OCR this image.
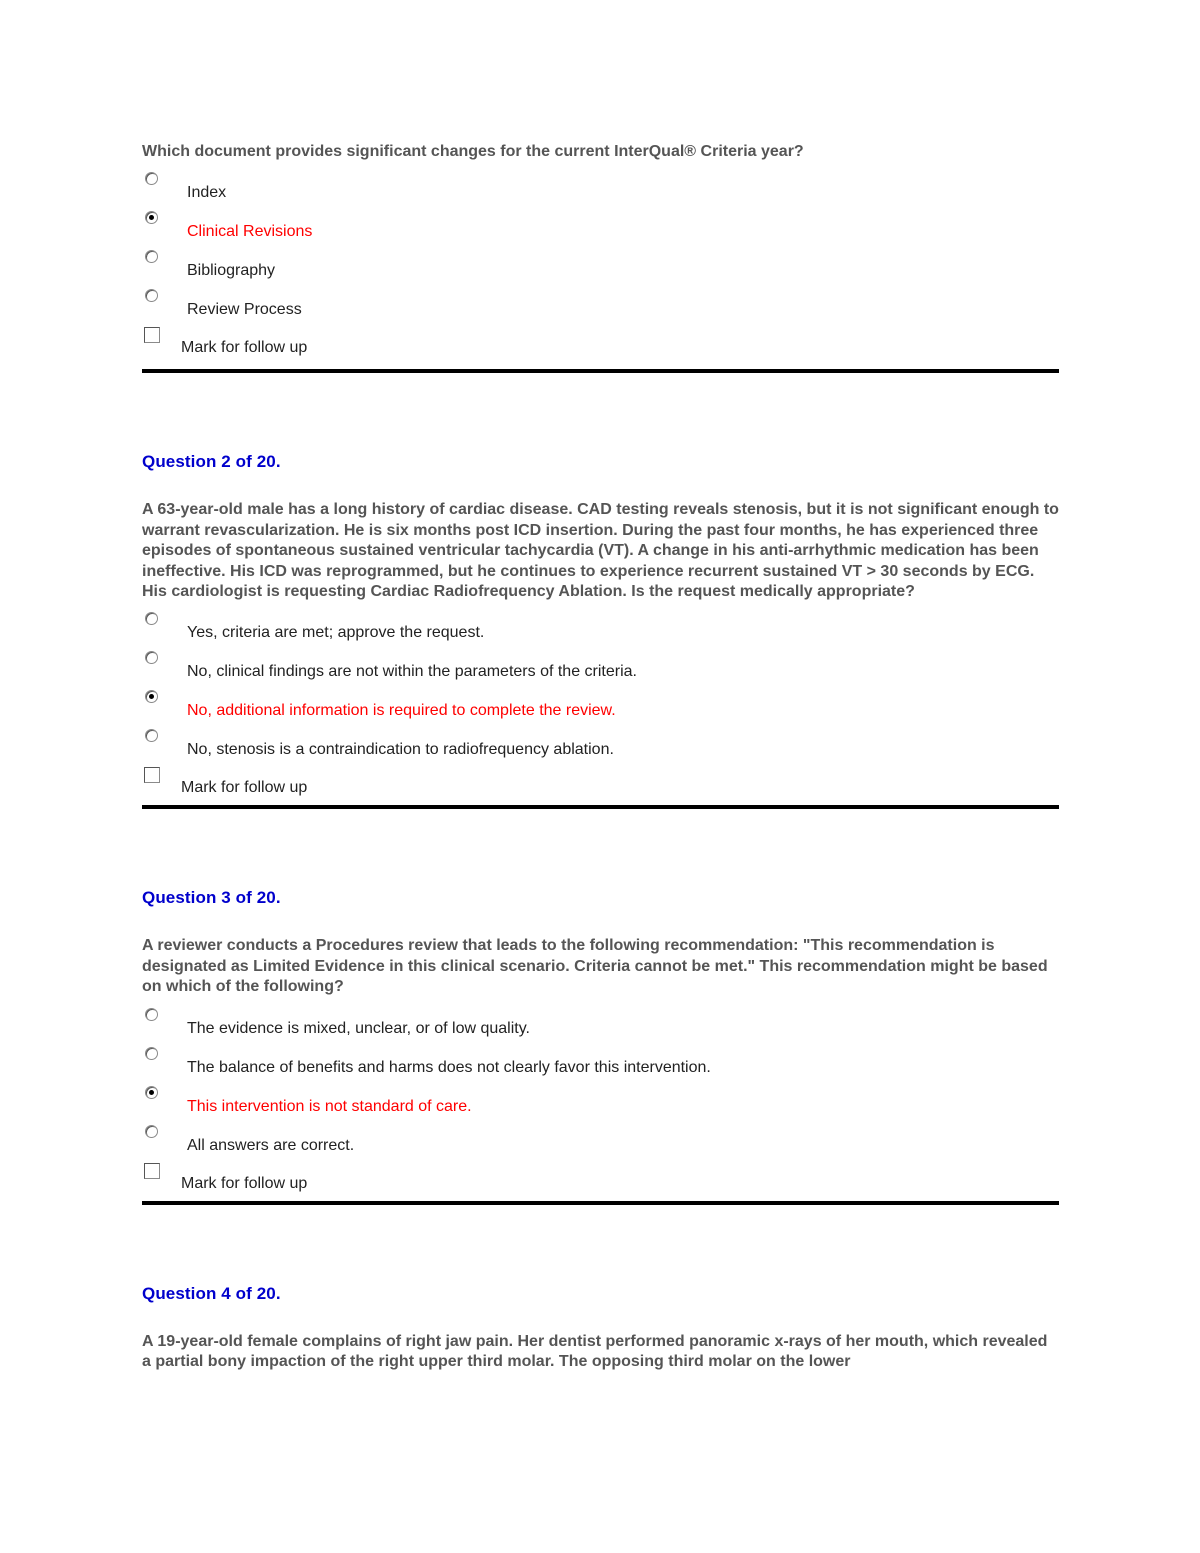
Which document provides significant changes for the current InterQual® Criteria year?

Index
Clinical Revisions
Bibliography
Review Process
Mark for follow up

Question 2 of 20.

A 63-year-old male has a long history of cardiac disease. CAD testing reveals stenosis, but it is not significant enough to warrant revascularization. He is six months post ICD insertion. During the past four months, he has experienced three episodes of spontaneous sustained ventricular tachycardia (VT). A change in his anti-arrhythmic medication has been ineffective. His ICD was reprogrammed, but he continues to experience recurrent sustained VT > 30 seconds by ECG. His cardiologist is requesting Cardiac Radiofrequency Ablation. Is the request medically appropriate?

Yes, criteria are met; approve the request.
No, clinical findings are not within the parameters of the criteria.
No, additional information is required to complete the review.
No, stenosis is a contraindication to radiofrequency ablation.
Mark for follow up

Question 3 of 20.

A reviewer conducts a Procedures review that leads to the following recommendation: "This recommendation is designated as Limited Evidence in this clinical scenario. Criteria cannot be met." This recommendation might be based on which of the following?

The evidence is mixed, unclear, or of low quality.
The balance of benefits and harms does not clearly favor this intervention.
This intervention is not standard of care.
All answers are correct.
Mark for follow up

Question 4 of 20.

A 19-year-old female complains of right jaw pain. Her dentist performed panoramic x-rays of her mouth, which revealed a partial bony impaction of the right upper third molar. The opposing third molar on the lower
